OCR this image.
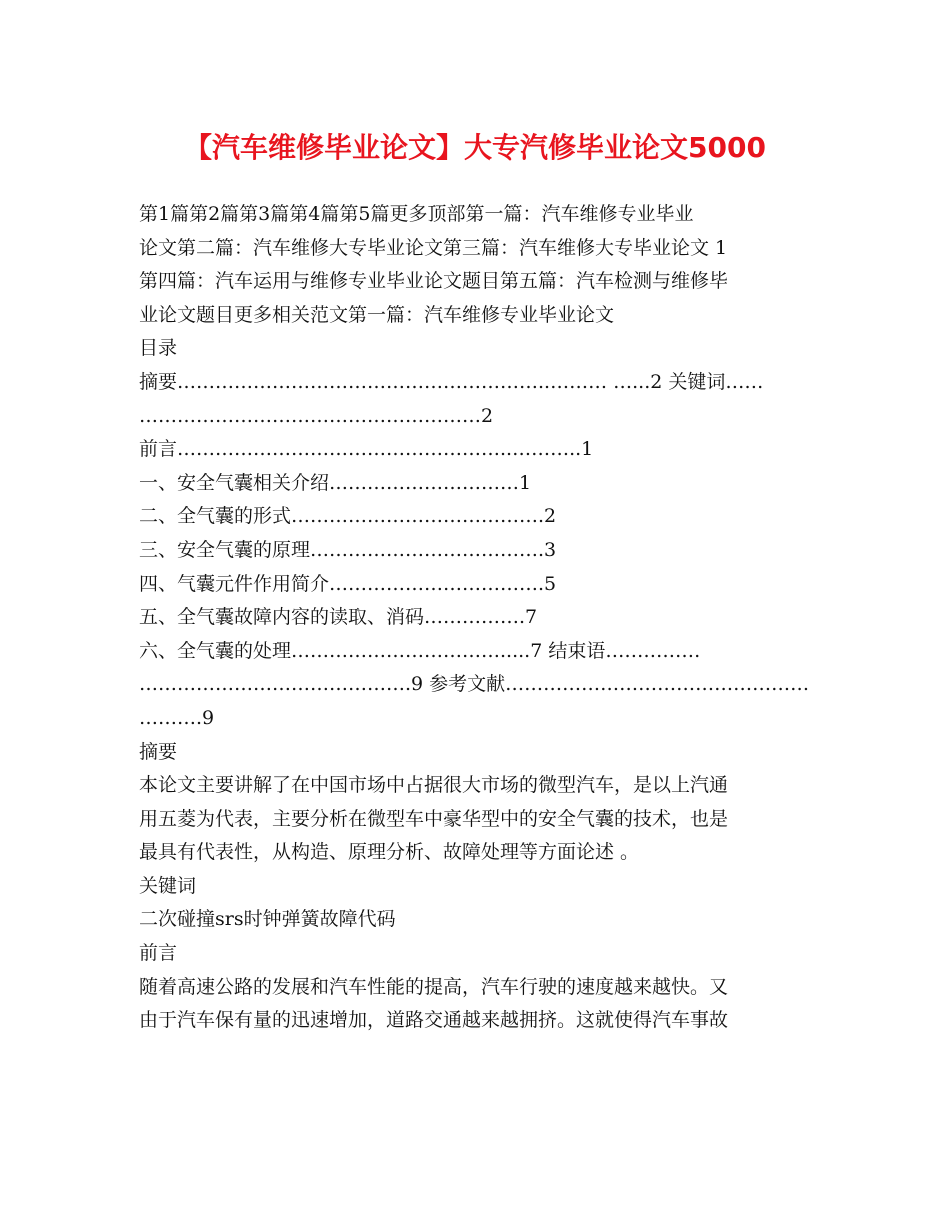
【汽车维修毕业论文】大专汽修毕业论文5000
第1篇第2篇第3篇第4篇第5篇更多顶部第一篇：汽车维修专业毕业
论文第二篇：汽车维修大专毕业论文第三篇：汽车维修大专毕业论文 1
第四篇：汽车运用与维修专业毕业论文题目第五篇：汽车检测与维修毕
业论文题目更多相关范文第一篇：汽车维修专业毕业论文
目录
摘要…………………………………………………..……… …...2 关键词……
………………………………………………2
前言……………………………………………..………..1
一、安全气囊相关介绍…………………………1
二、全气囊的形式………………………………….2
三、安全气囊的原理……………………………….3
四、气囊元件作用简介…………………………….5
五、全气囊故障内容的读取、消码…………….7
六、全气囊的处理…………………………….....7 结束语……………
…………………………………….9 参考文献…………………………………………
……….9
摘要
本论文主要讲解了在中国市场中占据很大市场的微型汽车，是以上汽通
用五菱为代表，主要分析在微型车中豪华型中的安全气囊的技术，也是
最具有代表性，从构造、原理分析、故障处理等方面论述 。
关键词
二次碰撞srs时钟弹簧故障代码
前言
随着高速公路的发展和汽车性能的提高，汽车行驶的速度越来越快。又
由于汽车保有量的迅速增加，道路交通越来越拥挤。这就使得汽车事故
